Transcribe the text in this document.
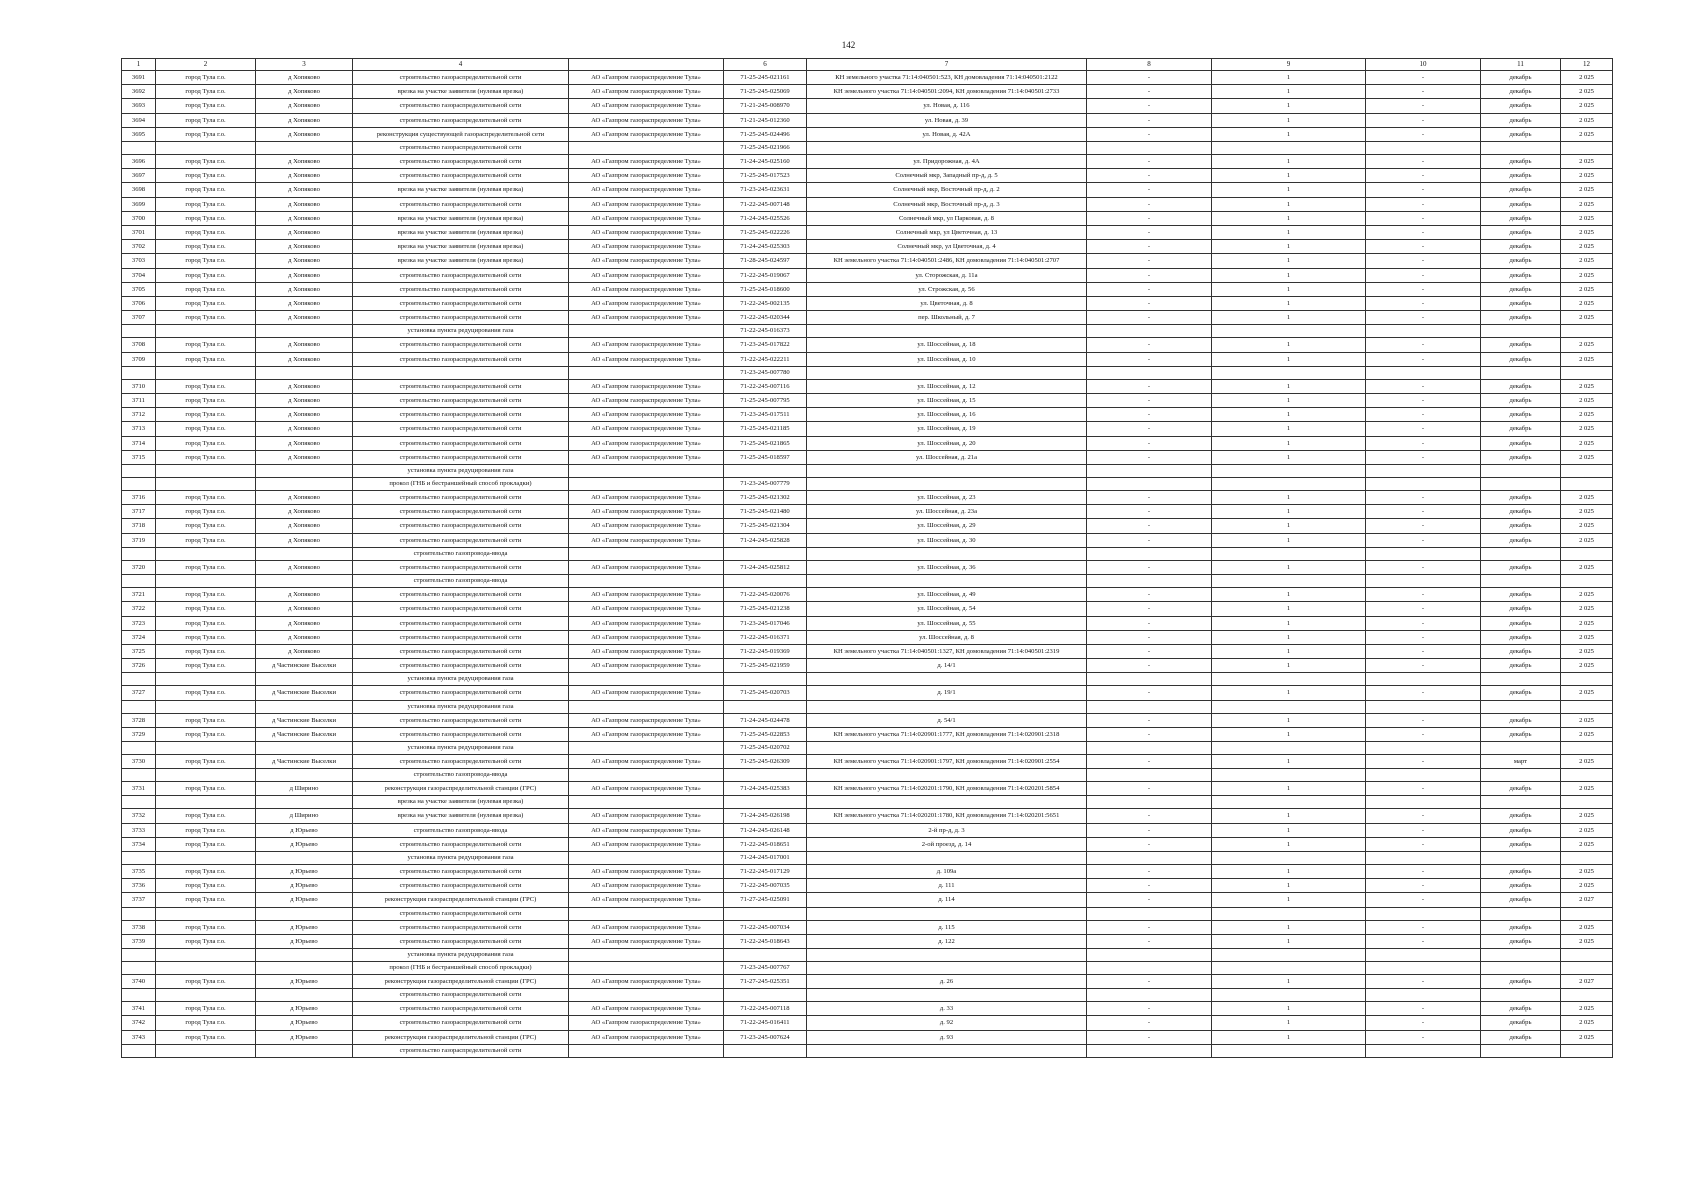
142
1	2	3	4		6	7	8	9	10	11	12
3691	город Тула г.о.	д Хопяково	строительство газораспределительной сети	АО «Газпром газораспределение Тула»	71-25-245-021161	КН земельного участка 71:14:040501:523, КН домовладения 71:14:040501:2122	-	1	-	декабрь	2 025
3692	город Тула г.о.	д Хопяково	врезка на участке заявителя (нулевая врезка)	АО «Газпром газораспределение Тула»	71-25-245-025069	КН земельного участка 71:14:040501:2094, КН домовладения 71:14:040501:2733	-	1	-	декабрь	2 025
3693	город Тула г.о.	д Хопяково	строительство газораспределительной сети	АО «Газпром газораспределение Тула»	71-21-245-008970	ул. Новая, д. 116	-	1	-	декабрь	2 025
3694	город Тула г.о.	д Хопяково	строительство газораспределительной сети	АО «Газпром газораспределение Тула»	71-21-245-012360	ул. Новая, д. 39	-	1	-	декабрь	2 025
3695	город Тула г.о.	д Хопяково	реконструкция существующей газораспределительной сети	АО «Газпром газораспределение Тула»	71-25-245-024496	ул. Новая, д. 42А	-	1	-	декабрь	2 025
			строительство газораспределительной сети		71-25-245-021966						
3696	город Тула г.о.	д Хопяково	строительство газораспределительной сети	АО «Газпром газораспределение Тула»	71-24-245-025160	ул. Придорожная, д. 4А	-	1	-	декабрь	2 025
3697	город Тула г.о.	д Хопяково	строительство газораспределительной сети	АО «Газпром газораспределение Тула»	71-25-245-017523	Солнечный мкр, Западный пр-д, д. 5	-	1	-	декабрь	2 025
3698	город Тула г.о.	д Хопяково	врезка на участке заявителя (нулевая врезка)	АО «Газпром газораспределение Тула»	71-23-245-023631	Солнечный мкр, Восточный пр-д, д. 2	-	1	-	декабрь	2 025
3699	город Тула г.о.	д Хопяково	строительство газораспределительной сети	АО «Газпром газораспределение Тула»	71-22-245-007148	Солнечный мкр, Восточный пр-д, д. 3	-	1	-	декабрь	2 025
3700	город Тула г.о.	д Хопяково	врезка на участке заявителя (нулевая врезка)	АО «Газпром газораспределение Тула»	71-24-245-025526	Солнечный мкр, ул Парковая, д. 8	-	1	-	декабрь	2 025
3701	город Тула г.о.	д Хопяково	врезка на участке заявителя (нулевая врезка)	АО «Газпром газораспределение Тула»	71-25-245-022226	Солнечный мкр, ул Цветочная, д. 13	-	1	-	декабрь	2 025
3702	город Тула г.о.	д Хопяково	врезка на участке заявителя (нулевая врезка)	АО «Газпром газораспределение Тула»	71-24-245-025303	Солнечный мкр, ул Цветочная, д. 4	-	1	-	декабрь	2 025
3703	город Тула г.о.	д Хопяково	врезка на участке заявителя (нулевая врезка)	АО «Газпром газораспределение Тула»	71-28-245-024597	КН земельного участка 71:14:040501:2486, КН домовладения 71:14:040501:2707	-	1	-	декабрь	2 025
3704	город Тула г.о.	д Хопяково	строительство газораспределительной сети	АО «Газпром газораспределение Тула»	71-22-245-019067	ул. Сторожская, д. 11а	-	1	-	декабрь	2 025
3705	город Тула г.о.	д Хопяково	строительство газораспределительной сети	АО «Газпром газораспределение Тула»	71-25-245-018600	ул. Строжская, д. 56	-	1	-	декабрь	2 025
3706	город Тула г.о.	д Хопяково	строительство газораспределительной сети	АО «Газпром газораспределение Тула»	71-22-245-002135	ул. Цветочная, д. 8	-	1	-	декабрь	2 025
3707	город Тула г.о.	д Хопяково	строительство газораспределительной сети	АО «Газпром газораспределение Тула»	71-22-245-020344	пер. Школьный, д. 7	-	1	-	декабрь	2 025
			установка пункта редуцирования газа		71-22-245-016373						
3708	город Тула г.о.	д Хопяково	строительство газораспределительной сети	АО «Газпром газораспределение Тула»	71-23-245-017822	ул. Шоссейная, д. 18	-	1	-	декабрь	2 025
3709	город Тула г.о.	д Хопяково	строительство газораспределительной сети	АО «Газпром газораспределение Тула»	71-22-245-022211	ул. Шоссейная, д. 10	-	1	-	декабрь	2 025
					71-23-245-007780						
3710	город Тула г.о.	д Хопяково	строительство газораспределительной сети	АО «Газпром газораспределение Тула»	71-22-245-007116	ул. Шоссейная, д. 12	-	1	-	декабрь	2 025
3711	город Тула г.о.	д Хопяково	строительство газораспределительной сети	АО «Газпром газораспределение Тула»	71-25-245-007795	ул. Шоссейная, д. 15	-	1	-	декабрь	2 025
3712	город Тула г.о.	д Хопяково	строительство газораспределительной сети	АО «Газпром газораспределение Тула»	71-23-245-017511	ул. Шоссейная, д. 16	-	1	-	декабрь	2 025
3713	город Тула г.о.	д Хопяково	строительство газораспределительной сети	АО «Газпром газораспределение Тула»	71-25-245-021185	ул. Шоссейная, д. 19	-	1	-	декабрь	2 025
3714	город Тула г.о.	д Хопяково	строительство газораспределительной сети	АО «Газпром газораспределение Тула»	71-25-245-021865	ул. Шоссейная, д. 20	-	1	-	декабрь	2 025
3715	город Тула г.о.	д Хопяково	строительство газораспределительной сети	АО «Газпром газораспределение Тула»	71-25-245-018597	ул. Шоссейная, д. 21а	-	1	-	декабрь	2 025
			установка пункта редуцирования газа								
			прокол (ГНБ и бестраншейный способ прокладки)		71-23-245-007779						
3716	город Тула г.о.	д Хопяково	строительство газораспределительной сети	АО «Газпром газораспределение Тула»	71-25-245-021302	ул. Шоссейная, д. 23	-	1	-	декабрь	2 025
3717	город Тула г.о.	д Хопяково	строительство газораспределительной сети	АО «Газпром газораспределение Тула»	71-25-245-021480	ул. Шоссейная, д. 23а	-	1	-	декабрь	2 025
3718	город Тула г.о.	д Хопяково	строительство газораспределительной сети	АО «Газпром газораспределение Тула»	71-25-245-021304	ул. Шоссейная, д. 29	-	1	-	декабрь	2 025
3719	город Тула г.о.	д Хопяково	строительство газораспределительной сети	АО «Газпром газораспределение Тула»	71-24-245-025828	ул. Шоссейная, д. 30	-	1	-	декабрь	2 025
			строительство газопровода-ввода								
3720	город Тула г.о.	д Хопяково	строительство газораспределительной сети	АО «Газпром газораспределение Тула»	71-24-245-025812	ул. Шоссейная, д. 36	-	1	-	декабрь	2 025
			строительство газопровода-ввода								
3721	город Тула г.о.	д Хопяково	строительство газораспределительной сети	АО «Газпром газораспределение Тула»	71-22-245-020076	ул. Шоссейная, д. 49	-	1	-	декабрь	2 025
3722	город Тула г.о.	д Хопяково	строительство газораспределительной сети	АО «Газпром газораспределение Тула»	71-25-245-021238	ул. Шоссейная, д. 54	-	1	-	декабрь	2 025
3723	город Тула г.о.	д Хопяково	строительство газораспределительной сети	АО «Газпром газораспределение Тула»	71-23-245-017046	ул. Шоссейная, д. 55	-	1	-	декабрь	2 025
3724	город Тула г.о.	д Хопяково	строительство газораспределительной сети	АО «Газпром газораспределение Тула»	71-22-245-016371	ул. Шоссейная, д. 8	-	1	-	декабрь	2 025
3725	город Тула г.о.	д Хопяково	строительство газораспределительной сети	АО «Газпром газораспределение Тула»	71-22-245-019369	КН земельного участка 71:14:040501:1327, КН домовладения 71:14:040501:2319	-	1	-	декабрь	2 025
3726	город Тула г.о.	д Частинские Выселки	строительство газораспределительной сети	АО «Газпром газораспределение Тула»	71-25-245-021959	д. 14/1	-	1	-	декабрь	2 025
			установка пункта редуцирования газа								
3727	город Тула г.о.	д Частинские Выселки	строительство газораспределительной сети	АО «Газпром газораспределение Тула»	71-25-245-020703	д. 19/1	-	1	-	декабрь	2 025
			установка пункта редуцирования газа								
3728	город Тула г.о.	д Частинские Выселки	строительство газораспределительной сети	АО «Газпром газораспределение Тула»	71-24-245-024478	д. 54/1	-	1	-	декабрь	2 025
3729	город Тула г.о.	д Частинские Выселки	строительство газораспределительной сети	АО «Газпром газораспределение Тула»	71-25-245-022853	КН земельного участка 71:14:020901:1777, КН домовладения 71:14:020901:2318	-	1	-	декабрь	2 025
			установка пункта редуцирования газа		71-25-245-020702						
3730	город Тула г.о.	д Частинские Выселки	строительство газораспределительной сети	АО «Газпром газораспределение Тула»	71-25-245-026309	КН земельного участка 71:14:020901:1797, КН домовладения 71:14:020901:2554	-	1	-	март	2 025
			строительство газопровода-ввода								
3731	город Тула г.о.	д Ширино	реконструкция газораспределительной станции (ГРС)	АО «Газпром газораспределение Тула»	71-24-245-025383	КН земельного участка 71:14:020201:1790, КН домовладения 71:14:020201:5854	-	1	-	декабрь	2 025
			врезка на участке заявителя (нулевая врезка)								
3732	город Тула г.о.	д Ширино	врезка на участке заявителя (нулевая врезка)	АО «Газпром газораспределение Тула»	71-24-245-026198	КН земельного участка 71:14:020201:1780, КН домовладения 71:14:020201:5651	-	1	-	декабрь	2 025
3733	город Тула г.о.	д Юрьево	строительство газопровода-ввода	АО «Газпром газораспределение Тула»	71-24-245-026148	2-й пр-д, д. 3	-	1	-	декабрь	2 025
3734	город Тула г.о.	д Юрьево	строительство газораспределительной сети	АО «Газпром газораспределение Тула»	71-22-245-018651	2-ой проезд, д. 14	-	1	-	декабрь	2 025
			установка пункта редуцирования газа		71-24-245-017001						
3735	город Тула г.о.	д Юрьево	строительство газораспределительной сети	АО «Газпром газораспределение Тула»	71-22-245-017129	д. 109а	-	1	-	декабрь	2 025
3736	город Тула г.о.	д Юрьево	строительство газораспределительной сети	АО «Газпром газораспределение Тула»	71-22-245-007035	д. 111	-	1	-	декабрь	2 025
3737	город Тула г.о.	д Юрьево	реконструкция газораспределительной станции (ГРС)	АО «Газпром газораспределение Тула»	71-27-245-025091	д. 114	-	1	-	декабрь	2 027
			строительство газораспределительной сети								
3738	город Тула г.о.	д Юрьево	строительство газораспределительной сети	АО «Газпром газораспределение Тула»	71-22-245-007034	д. 115	-	1	-	декабрь	2 025
3739	город Тула г.о.	д Юрьево	строительство газораспределительной сети	АО «Газпром газораспределение Тула»	71-22-245-018643	д. 122	-	1	-	декабрь	2 025
			установка пункта редуцирования газа								
			прокол (ГНБ и бестраншейный способ прокладки)		71-23-245-007767						
3740	город Тула г.о.	д Юрьево	реконструкция газораспределительной станции (ГРС)	АО «Газпром газораспределение Тула»	71-27-245-025351	д. 26	-	1	-	декабрь	2 027
			строительство газораспределительной сети								
3741	город Тула г.о.	д Юрьево	строительство газораспределительной сети	АО «Газпром газораспределение Тула»	71-22-245-007118	д. 33	-	1	-	декабрь	2 025
3742	город Тула г.о.	д Юрьево	строительство газораспределительной сети	АО «Газпром газораспределение Тула»	71-22-245-016411	д. 92	-	1	-	декабрь	2 025
3743	город Тула г.о.	д Юрьево	реконструкция газораспределительной станции (ГРС)	АО «Газпром газораспределение Тула»	71-23-245-007624	д. 93	-	1	-	декабрь	2 025
			строительство газораспределительной сети								
